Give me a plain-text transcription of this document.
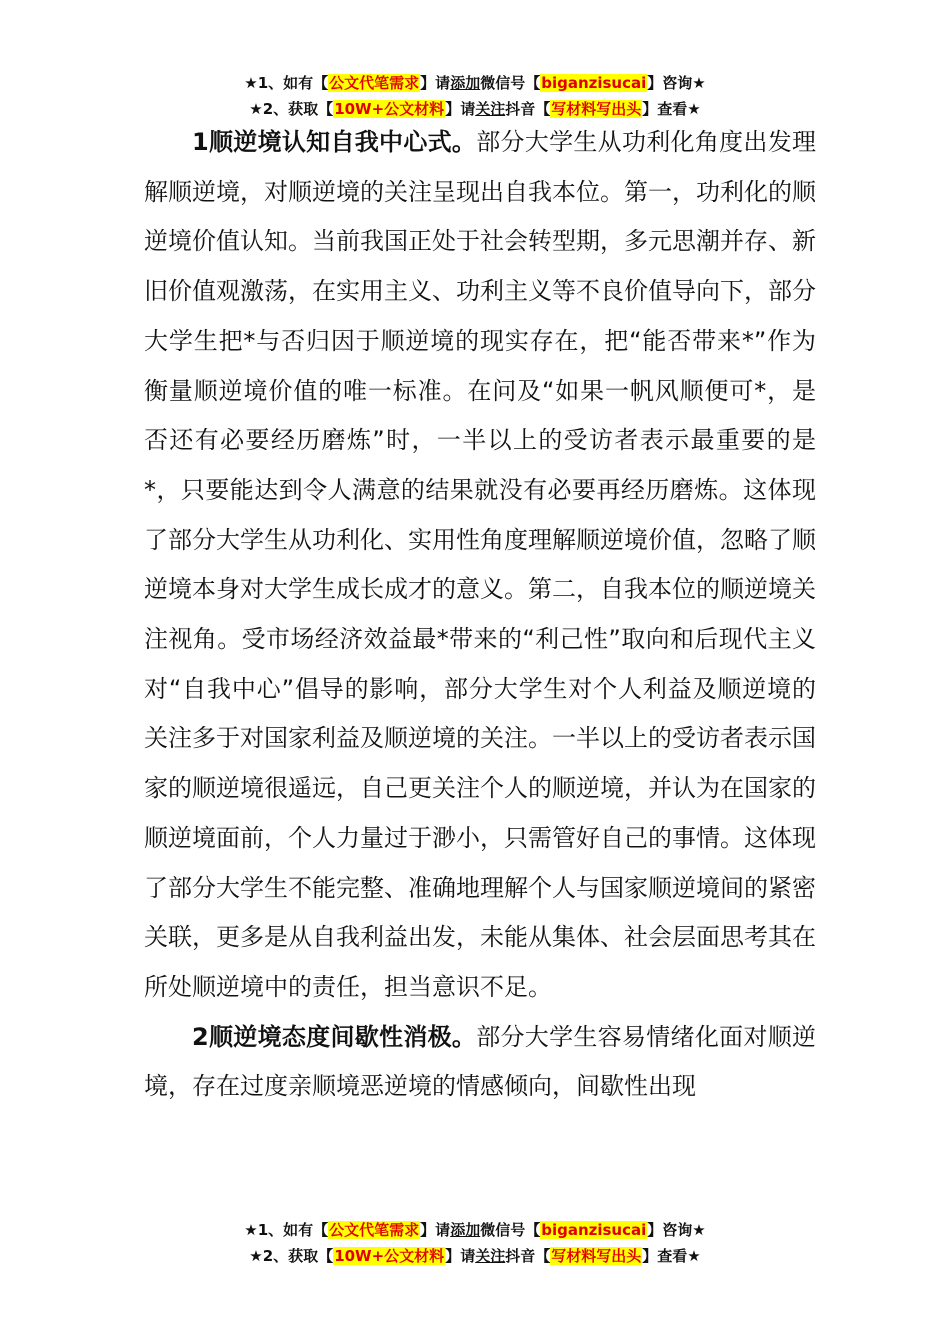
★1、如有【公文代笔需求】请添加微信号【biganzisucai】咨询★
★2、获取【10W+公文材料】请关注抖音【写材料写出头】查看★

1顺逆境认知自我中心式。部分大学生从功利化角度出发理解顺逆境，对顺逆境的关注呈现出自我本位。第一，功利化的顺逆境价值认知。当前我国正处于社会转型期，多元思潮并存、新旧价值观激荡，在实用主义、功利主义等不良价值导向下，部分大学生把*与否归因于顺逆境的现实存在，把“能否带来*”作为衡量顺逆境价值的唯一标准。在问及“如果一帆风顺便可*，是否还有必要经历磨炼”时，一半以上的受访者表示最重要的是*，只要能达到令人满意的结果就没有必要再经历磨炼。这体现了部分大学生从功利化、实用性角度理解顺逆境价值，忽略了顺逆境本身对大学生成长成才的意义。第二，自我本位的顺逆境关注视角。受市场经济效益最*带来的“利己性”取向和后现代主义对“自我中心”倡导的影响，部分大学生对个人利益及顺逆境的关注多于对国家利益及顺逆境的关注。一半以上的受访者表示国家的顺逆境很遥远，自己更关注个人的顺逆境，并认为在国家的顺逆境面前，个人力量过于渺小，只需管好自己的事情。这体现了部分大学生不能完整、准确地理解个人与国家顺逆境间的紧密关联，更多是从自我利益出发，未能从集体、社会层面思考其在所处顺逆境中的责任，担当意识不足。

2顺逆境态度间歇性消极。部分大学生容易情绪化面对顺逆境，存在过度亲顺境恶逆境的情感倾向，间歇性出现

★1、如有【公文代笔需求】请添加微信号【biganzisucai】咨询★
★2、获取【10W+公文材料】请关注抖音【写材料写出头】查看★
